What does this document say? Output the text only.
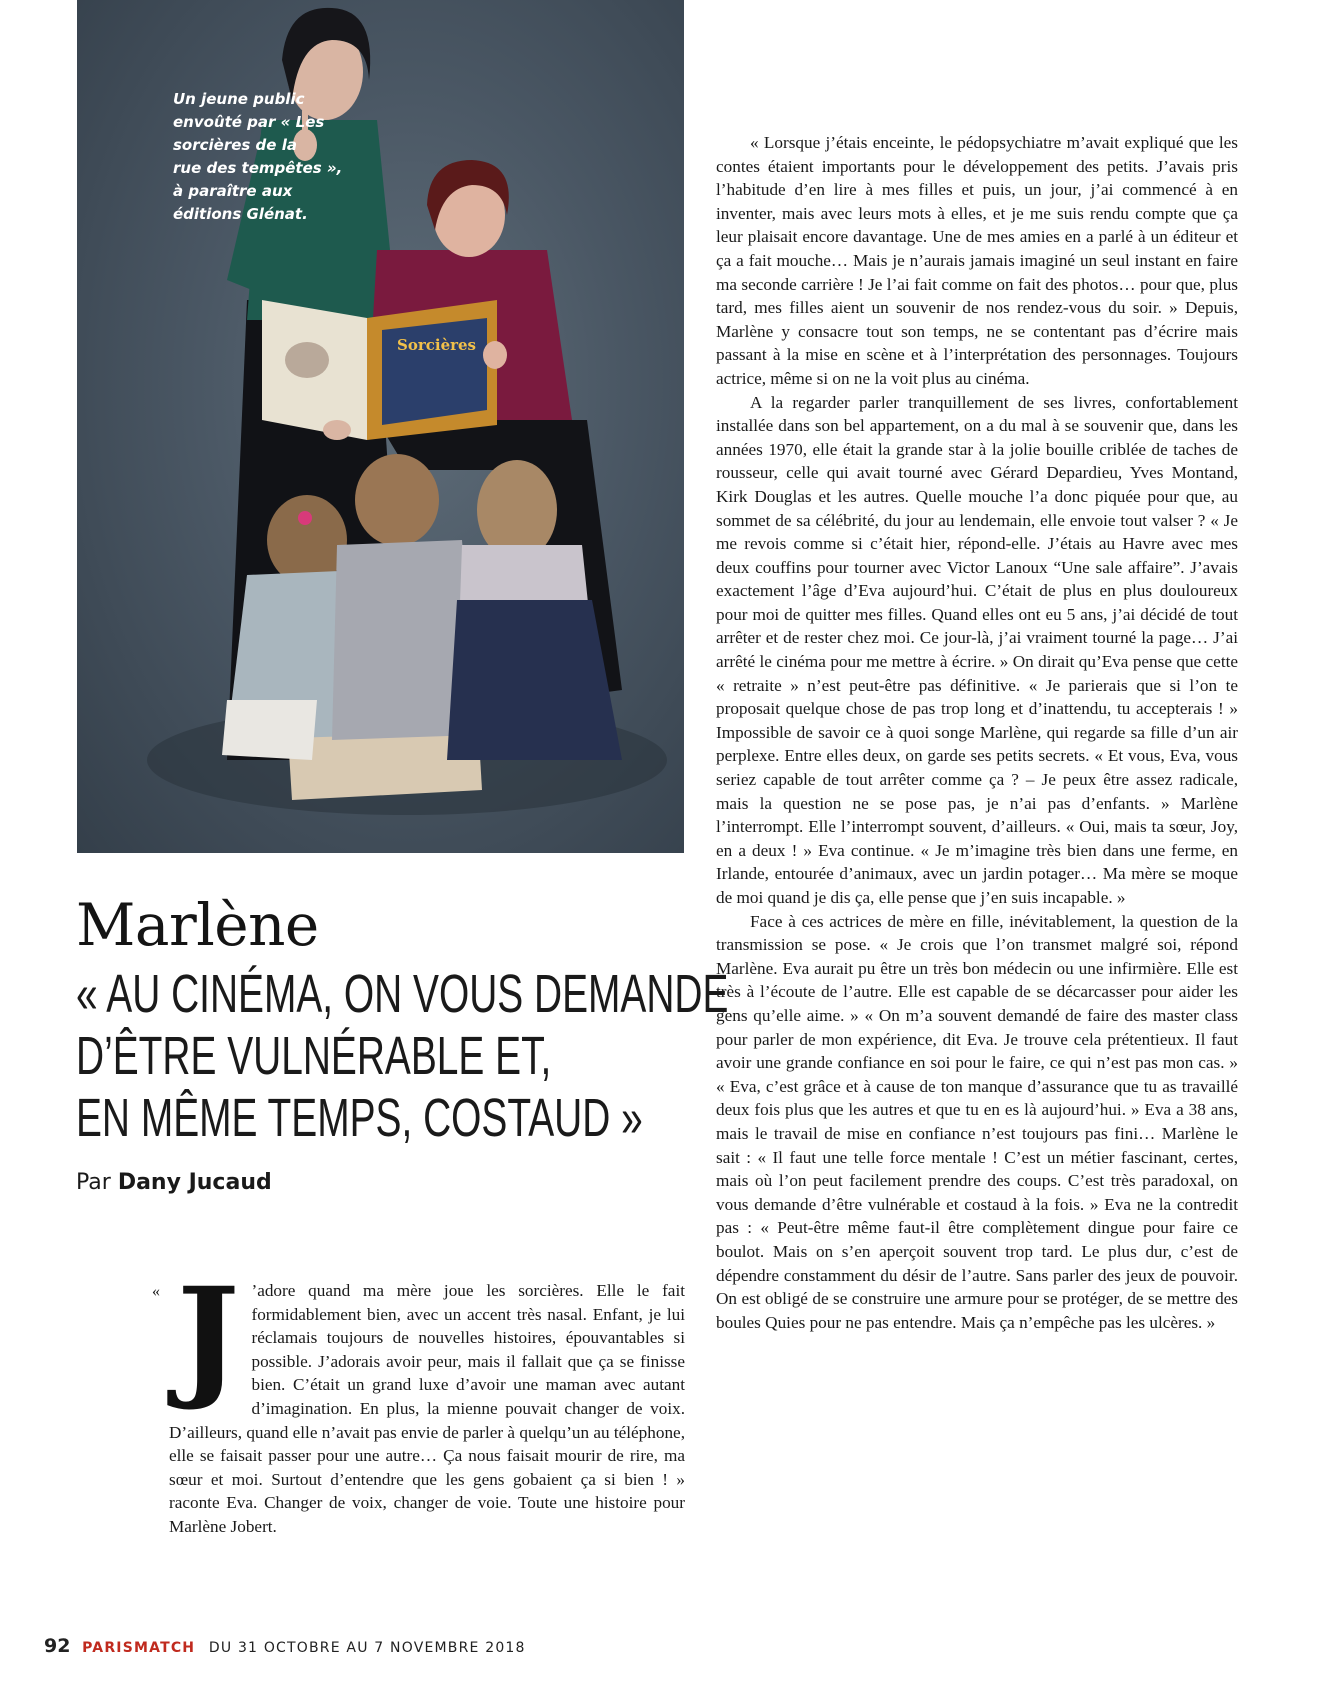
Sorcières
Un jeune public
envoûté par « Les
sorcières de la
rue des tempêtes »,
à paraître aux
éditions Glénat.
Marlène
« AU CINÉMA, ON VOUS DEMANDE
D’ÊTRE VULNÉRABLE ET,
EN MÊME TEMPS, COSTAUD »
Par Dany Jucaud
« J ’adore quand ma mère joue les sorcières. Elle le fait formidablement bien, avec un accent très nasal. Enfant, je lui réclamais toujours de nouvelles histoires, épouvantables si possible. J’adorais avoir peur, mais il fallait que ça se finisse bien. C’était un grand luxe d’avoir une maman avec autant d’imagination. En plus, la mienne pouvait changer de voix. D’ailleurs, quand elle n’avait pas envie de parler à quelqu’un au téléphone, elle se faisait passer pour une autre… Ça nous faisait mourir de rire, ma sœur et moi. Surtout d’entendre que les gens gobaient ça si bien ! » raconte Eva. Changer de voix, changer de voie. Toute une histoire pour Marlène Jobert.

« Lorsque j’étais enceinte, le pédopsychiatre m’avait expliqué que les contes étaient importants pour le développement des petits. J’avais pris l’habitude d’en lire à mes filles et puis, un jour, j’ai commencé à en inventer, mais avec leurs mots à elles, et je me suis rendu compte que ça leur plaisait encore davantage. Une de mes amies en a parlé à un éditeur et ça a fait mouche… Mais je n’aurais jamais imaginé un seul instant en faire ma seconde carrière ! Je l’ai fait comme on fait des photos… pour que, plus tard, mes filles aient un souvenir de nos rendez-vous du soir. » Depuis, Marlène y consacre tout son temps, ne se contentant pas d’écrire mais passant à la mise en scène et à l’interprétation des personnages. Toujours actrice, même si on ne la voit plus au cinéma.

A la regarder parler tranquillement de ses livres, confortablement installée dans son bel appartement, on a du mal à se souvenir que, dans les années 1970, elle était la grande star à la jolie bouille criblée de taches de rousseur, celle qui avait tourné avec Gérard Depardieu, Yves Montand, Kirk Douglas et les autres. Quelle mouche l’a donc piquée pour que, au sommet de sa célébrité, du jour au lendemain, elle envoie tout valser ? « Je me revois comme si c’était hier, répond-elle. J’étais au Havre avec mes deux couffins pour tourner avec Victor Lanoux “Une sale affaire”. J’avais exactement l’âge d’Eva aujourd’hui. C’était de plus en plus douloureux pour moi de quitter mes filles. Quand elles ont eu 5 ans, j’ai décidé de tout arrêter et de rester chez moi. Ce jour-là, j’ai vraiment tourné la page… J’ai arrêté le cinéma pour me mettre à écrire. » On dirait qu’Eva pense que cette « retraite » n’est peut-être pas définitive. « Je parierais que si l’on te proposait quelque chose de pas trop long et d’inattendu, tu accepterais ! » Impossible de savoir ce à quoi songe Marlène, qui regarde sa fille d’un air perplexe. Entre elles deux, on garde ses petits secrets. « Et vous, Eva, vous seriez capable de tout arrêter comme ça ? – Je peux être assez radicale, mais la question ne se pose pas, je n’ai pas d’enfants. » Marlène l’interrompt. Elle l’interrompt souvent, d’ailleurs. « Oui, mais ta sœur, Joy, en a deux ! » Eva continue. « Je m’imagine très bien dans une ferme, en Irlande, entourée d’animaux, avec un jardin potager… Ma mère se moque de moi quand je dis ça, elle pense que j’en suis incapable. »

Face à ces actrices de mère en fille, inévitablement, la question de la transmission se pose. « Je crois que l’on transmet malgré soi, répond Marlène. Eva aurait pu être un très bon médecin ou une infirmière. Elle est très à l’écoute de l’autre. Elle est capable de se décarcasser pour aider les gens qu’elle aime. » « On m’a souvent demandé de faire des master class pour parler de mon expérience, dit Eva. Je trouve cela prétentieux. Il faut avoir une grande confiance en soi pour le faire, ce qui n’est pas mon cas. » « Eva, c’est grâce et à cause de ton manque d’assurance que tu as travaillé deux fois plus que les autres et que tu en es là aujourd’hui. » Eva a 38 ans, mais le travail de mise en confiance n’est toujours pas fini… Marlène le sait : « Il faut une telle force mentale ! C’est un métier fascinant, certes, mais où l’on peut facilement prendre des coups. C’est très paradoxal, on vous demande d’être vulnérable et costaud à la fois. » Eva ne la contredit pas : « Peut-être même faut-il être complètement dingue pour faire ce boulot. Mais on s’en aperçoit souvent trop tard. Le plus dur, c’est de dépendre constamment du désir de l’autre. Sans parler des jeux de pouvoir. On est obligé de se construire une armure pour se protéger, de se mettre des boules Quies pour ne pas entendre. Mais ça n’empêche pas les ulcères. »

92 PARISMATCH DU 31 OCTOBRE AU 7 NOVEMBRE 2018
